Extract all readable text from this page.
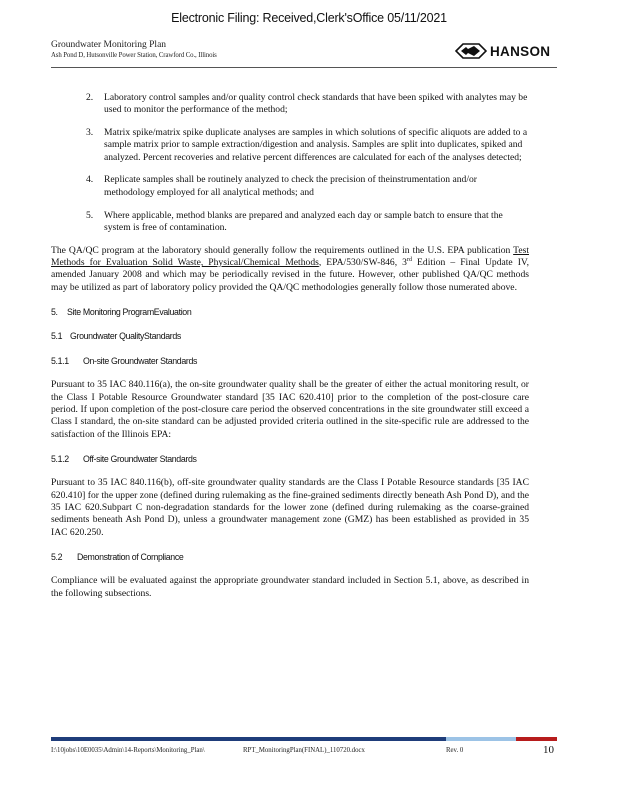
Electronic Filing: Received,Clerk'sOffice 05/11/2021
Groundwater Monitoring Plan
Ash Pond D, Hutsonville Power Station, Crawford Co., Illinois	HANSON
2. Laboratory control samples and/or quality control check standards that have been spiked with analytes may be used to monitor the performance of the method;
3. Matrix spike/matrix spike duplicate analyses are samples in which solutions of specific aliquots are added to a sample matrix prior to sample extraction/digestion and analysis. Samples are split into duplicates, spiked and analyzed. Percent recoveries and relative percent differences are calculated for each of the analyses detected;
4. Replicate samples shall be routinely analyzed to check the precision of theinstrumentation and/or methodology employed for all analytical methods; and
5. Where applicable, method blanks are prepared and analyzed each day or sample batch to ensure that the system is free of contamination.

The QA/QC program at the laboratory should generally follow the requirements outlined in the U.S. EPA publication Test Methods for Evaluation Solid Waste, Physical/Chemical Methods, EPA/530/SW-846, 3rd Edition – Final Update IV, amended January 2008 and which may be periodically revised in the future. However, other published QA/QC methods may be utilized as part of laboratory policy provided the QA/QC methodologies generally follow those numerated above.

5. Site Monitoring ProgramEvaluation
5.1 Groundwater QualityStandards
5.1.1 On-site Groundwater Standards

Pursuant to 35 IAC 840.116(a), the on-site groundwater quality shall be the greater of either the actual monitoring result, or the Class I Potable Resource Groundwater standard [35 IAC 620.410] prior to the completion of the post-closure care period. If upon completion of the post-closure care period the observed concentrations in the site groundwater still exceed a Class I standard, the on-site standard can be adjusted provided criteria outlined in the site-specific rule are addressed to the satisfaction of the Illinois EPA:

5.1.2 Off-site Groundwater Standards

Pursuant to 35 IAC 840.116(b), off-site groundwater quality standards are the Class I Potable Resource standards [35 IAC 620.410] for the upper zone (defined during rulemaking as the fine-grained sediments directly beneath Ash Pond D), and the 35 IAC 620.Subpart C non-degradation standards for the lower zone (defined during rulemaking as the coarse-grained sediments beneath Ash Pond D), unless a groundwater management zone (GMZ) has been established as provided in 35 IAC 620.250.

5.2 Demonstration of Compliance

Compliance will be evaluated against the appropriate groundwater standard included in Section 5.1, above, as described in the following subsections.

I:\10jobs\10E0035\Admin\14-Reports\Monitoring_Plan\	RPT_MonitoringPlan(FINAL)_110720.docx	Rev. 0	10
